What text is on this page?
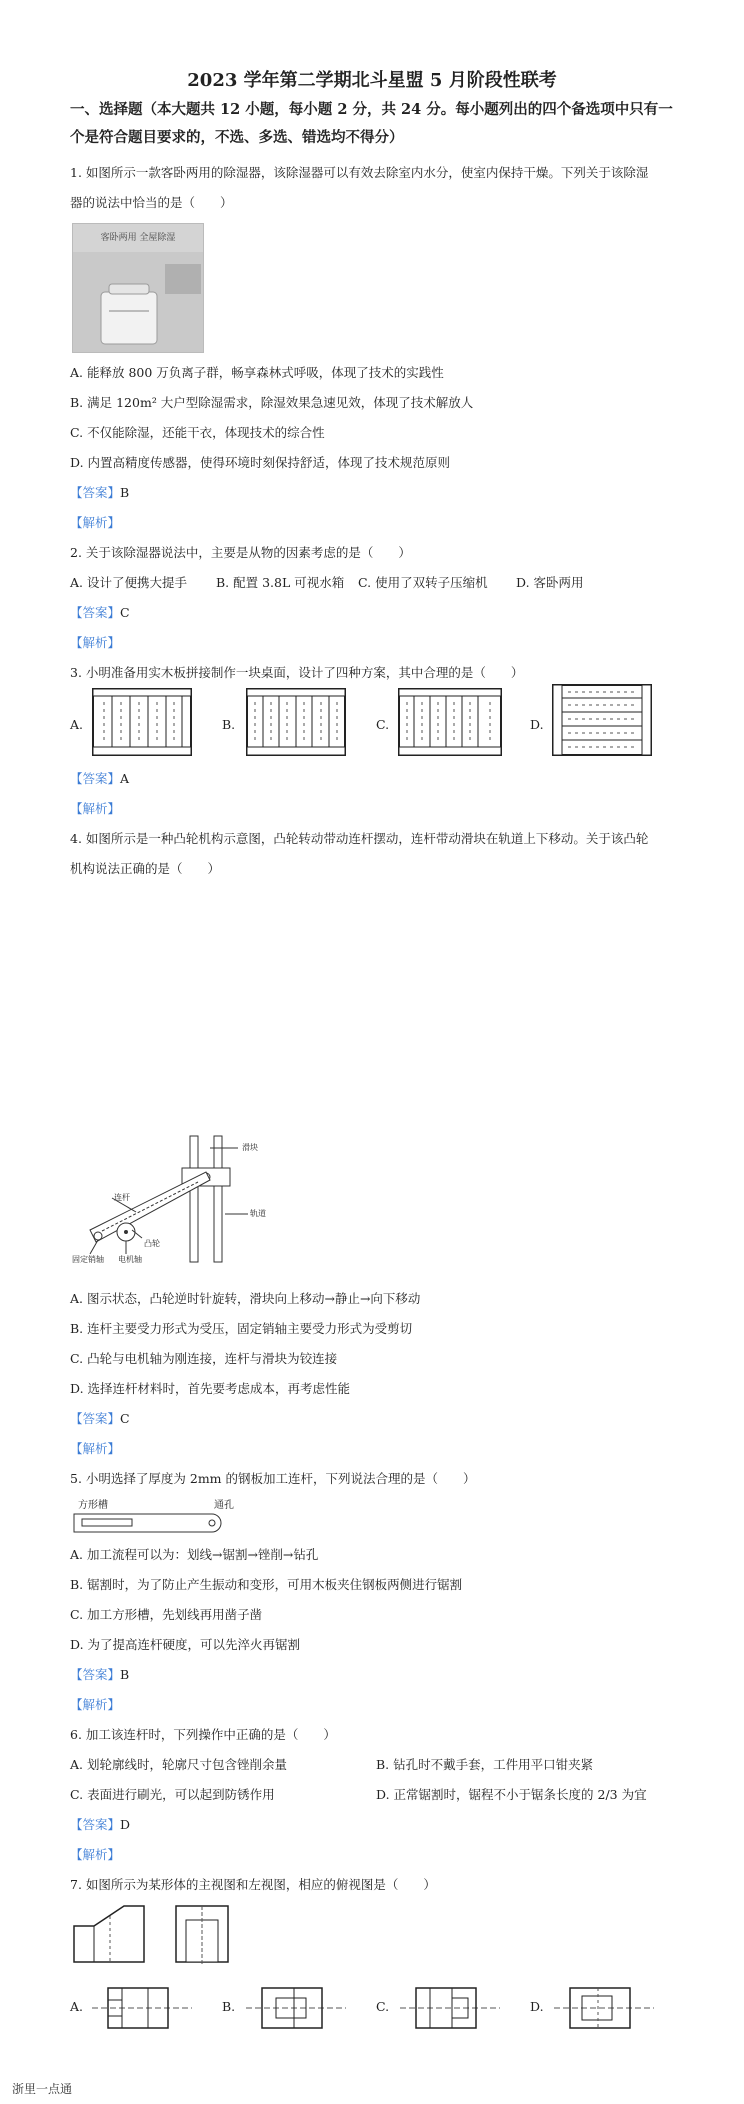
2023 学年第二学期北斗星盟 5 月阶段性联考
一、选择题（本大题共 12 小题，每小题 2 分，共 24 分。每小题列出的四个备选项中只有一
个是符合题目要求的，不选、多选、错选均不得分）
1. 如图所示一款客卧两用的除湿器，该除湿器可以有效去除室内水分，使室内保持干燥。下列关于该除湿
器的说法中恰当的是（　　）
客卧两用 全屋除湿
A. 能释放 800 万负离子群，畅享森林式呼吸，体现了技术的实践性
B. 满足 120m² 大户型除湿需求，除湿效果急速见效，体现了技术解放人
C. 不仅能除湿，还能干衣，体现技术的综合性
D. 内置高精度传感器，使得环境时刻保持舒适，体现了技术规范原则
【答案】B
【解析】
2. 关于该除湿器说法中，主要是从物的因素考虑的是（　　）
A. 设计了便携大提手 B. 配置 3.8L 可视水箱 C. 使用了双转子压缩机 D. 客卧两用
【答案】C
【解析】
3. 小明准备用实木板拼接制作一块桌面，设计了四种方案，其中合理的是（　　）
A.	B.	C.	D.
【答案】A
【解析】
4. 如图所示是一种凸轮机构示意图，凸轮转动带动连杆摆动，连杆带动滑块在轨道上下移动。关于该凸轮
机构说法正确的是（　　）
滑块
连杆
轨道
凸轮
固定销轴 电机轴
A. 图示状态，凸轮逆时针旋转，滑块向上移动→静止→向下移动
B. 连杆主要受力形式为受压，固定销轴主要受力形式为受剪切
C. 凸轮与电机轴为刚连接，连杆与滑块为铰连接
D. 选择连杆材料时，首先要考虑成本，再考虑性能
【答案】C
【解析】
5. 小明选择了厚度为 2mm 的钢板加工连杆，下列说法合理的是（　　）
方形槽	通孔
A. 加工流程可以为：划线→锯割→锉削→钻孔
B. 锯割时，为了防止产生振动和变形，可用木板夹住钢板两侧进行锯割
C. 加工方形槽，先划线再用凿子凿
D. 为了提高连杆硬度，可以先淬火再锯割
【答案】B
【解析】
6. 加工该连杆时，下列操作中正确的是（　　）
A. 划轮廓线时，轮廓尺寸包含锉削余量	B. 钻孔时不戴手套，工件用平口钳夹紧
C. 表面进行刷光，可以起到防锈作用	D. 正常锯割时，锯程不小于锯条长度的 2/3 为宜
【答案】D
【解析】
7. 如图所示为某形体的主视图和左视图，相应的俯视图是（　　）
A.	B.	C.	D.
浙里一点通
